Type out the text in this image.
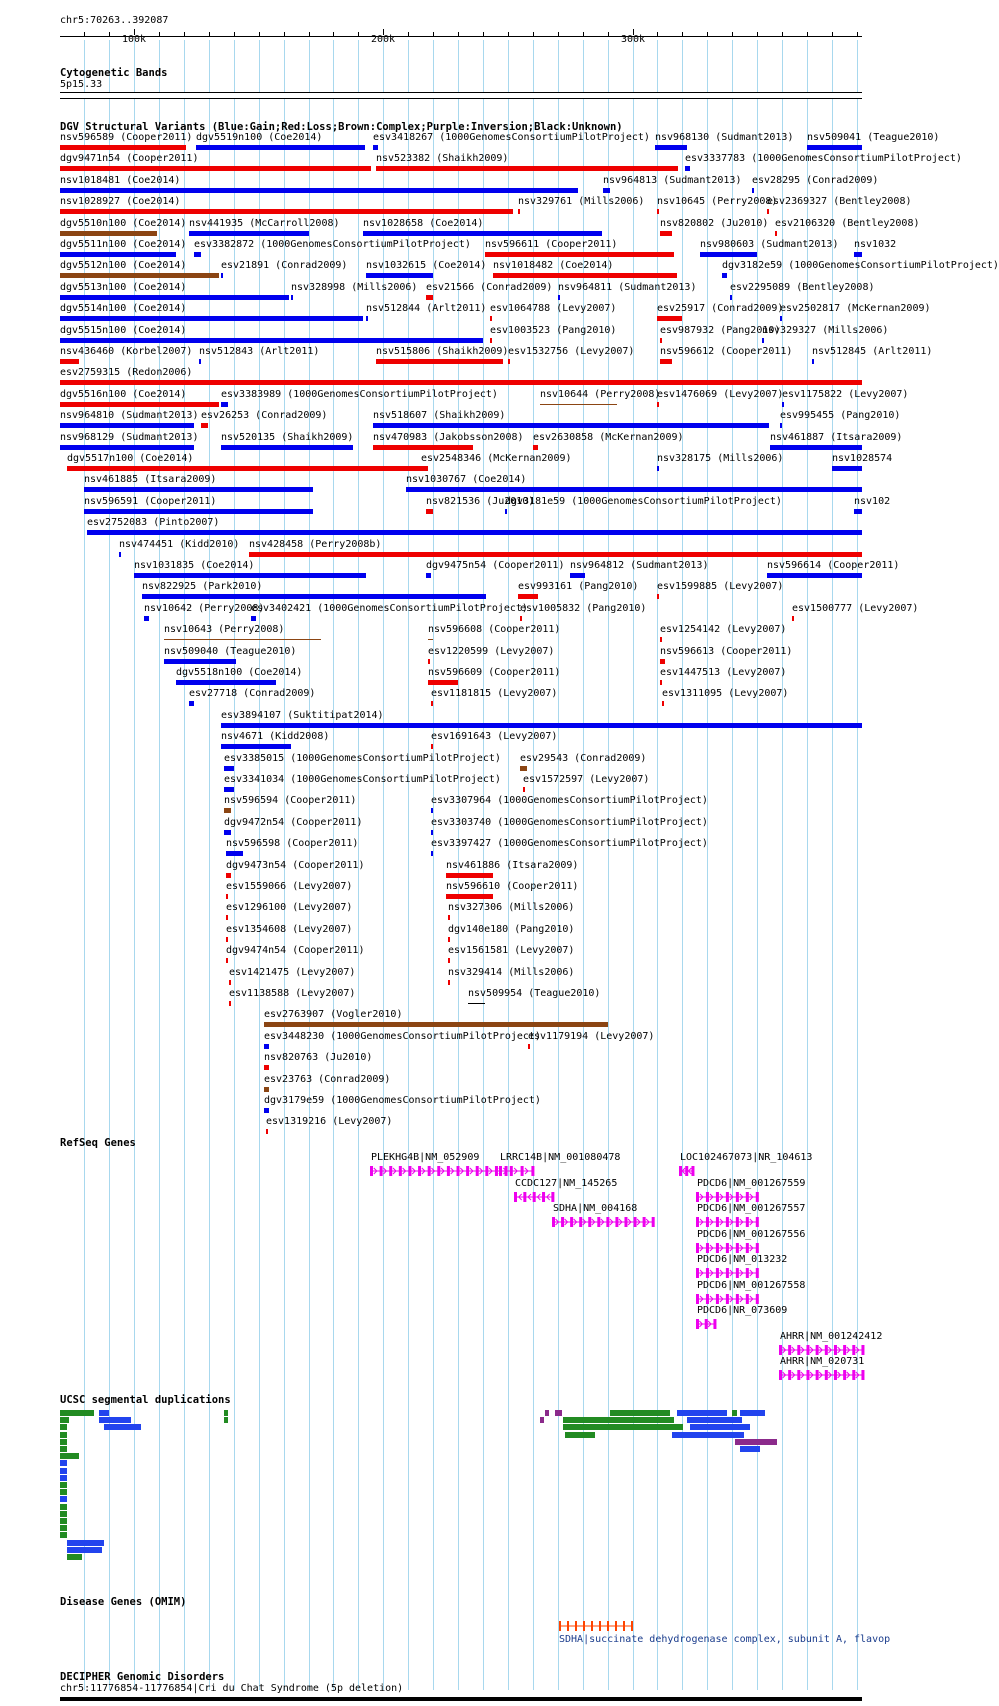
chr5:70263..392087
100k	200k	300k
Cytogenetic Bands
5p15.33
DGV Structural Variants (Blue:Gain;Red:Loss;Brown:Complex;Purple:Inversion;Black:Unknown)
nsv596589 (Cooper2011) dgv5519n100 (Coe2014)	esv3418267 (1000GenomesConsortiumPilotProject) nsv968130 (Sudmant2013) nsv509041 (Teague2010)
dgv9471n54 (Cooper2011)	nsv523382 (Shaikh2009)	esv3337783 (1000GenomesConsortiumPilotProject)
nsv1018481 (Coe2014)	nsv964813 (Sudmant2013) esv28295 (Conrad2009)
nsv1028927 (Coe2014)	nsv329761 (Mills2006) nsv10645 (Perry2008)
esv2369327 (Bentley2008)
dgv5510n100 (Coe2014) nsv441935 (McCarroll2008) nsv1028658 (Coe2014)	nsv820802 (Ju2010) esv2106320 (Bentley2008)
dgv5511n100 (Coe2014) esv3382872 (1000GenomesConsortiumPilotProject) nsv596611 (Cooper2011)	nsv980603 (Sudmant2013) nsv1032
dgv5512n100 (Coe2014)	esv21891 (Conrad2009) nsv1032615 (Coe2014) nsv1018482 (Coe2014)	dgv3182e59 (1000GenomesConsortiumPilotProject)
dgv5513n100 (Coe2014)	nsv328998 (Mills2006) esv21566 (Conrad2009) nsv964811 (Sudmant2013)	esv2295089 (Bentley2008)
dgv5514n100 (Coe2014)	nsv512844 (Arlt2011) esv1064788 (Levy2007)	esv25917 (Conrad2009)
esv2502817 (McKernan2009)
dgv5515n100 (Coe2014)	esv1003523 (Pang2010)	esv987932 (Pang2010)
nsv329327 (Mills2006)
nsv436460 (Korbel2007) nsv512843 (Arlt2011)	nsv515806 (Shaikh2009) esv1532756 (Levy2007)	nsv596612 (Cooper2011) nsv512845 (Arlt2011)
esv2759315 (Redon2006)
dgv5516n100 (Coe2014)	esv3383989 (1000GenomesConsortiumPilotProject)	nsv10644 (Perry2008)
esv1476069 (Levy2007)
esv1175822 (Levy2007)
nsv964810 (Sudmant2013) esv26253 (Conrad2009)	nsv518607 (Shaikh2009)	esv995455 (Pang2010)
nsv968129 (Sudmant2013) nsv520135 (Shaikh2009) nsv470983 (Jakobsson2008) esv2630858 (McKernan2009)	nsv461887 (Itsara2009)
dgv5517n100 (Coe2014)	esv2548346 (McKernan2009)	nsv328175 (Mills2006)	nsv1028574
nsv461885 (Itsara2009)	nsv1030767 (Coe2014)
nsv596591 (Cooper2011)	nsv821536 (Ju2010)
dgv3181e59 (1000GenomesConsortiumPilotProject)	nsv102
esv2752083 (Pinto2007)
nsv474451 (Kidd2010) nsv428458 (Perry2008b)
nsv1031835 (Coe2014)	dgv9475n54 (Cooper2011) nsv964812 (Sudmant2013)	nsv596614 (Cooper2011)
nsv822925 (Park2010)	esv993161 (Pang2010) esv1599885 (Levy2007)
nsv10642 (Perry2008)
esv3402421 (1000GenomesConsortiumPilotProject)
esv1005832 (Pang2010)	esv1500777 (Levy2007)
nsv10643 (Perry2008)	nsv596608 (Cooper2011)	esv1254142 (Levy2007)
nsv509040 (Teague2010)	esv1220599 (Levy2007)	nsv596613 (Cooper2011)
dgv5518n100 (Coe2014)	nsv596609 (Cooper2011)	esv1447513 (Levy2007)
esv27718 (Conrad2009)	esv1181815 (Levy2007)	esv1311095 (Levy2007)
esv3894107 (Suktitipat2014)
nsv4671 (Kidd2008)	esv1691643 (Levy2007)
esv3385015 (1000GenomesConsortiumPilotProject) esv29543 (Conrad2009)
esv3341034 (1000GenomesConsortiumPilotProject) esv1572597 (Levy2007)
nsv596594 (Cooper2011)	esv3307964 (1000GenomesConsortiumPilotProject)
dgv9472n54 (Cooper2011)	esv3303740 (1000GenomesConsortiumPilotProject)
nsv596598 (Cooper2011)	esv3397427 (1000GenomesConsortiumPilotProject)
dgv9473n54 (Cooper2011)	nsv461886 (Itsara2009)
esv1559066 (Levy2007)	nsv596610 (Cooper2011)
esv1296100 (Levy2007)	nsv327306 (Mills2006)
esv1354608 (Levy2007)	dgv140e180 (Pang2010)
dgv9474n54 (Cooper2011)	esv1561581 (Levy2007)
esv1421475 (Levy2007)	nsv329414 (Mills2006)
esv1138588 (Levy2007)	nsv509954 (Teague2010)
esv2763907 (Vogler2010)
esv3448230 (1000GenomesConsortiumPilotProject)
esv1179194 (Levy2007)
nsv820763 (Ju2010)
esv23763 (Conrad2009)
dgv3179e59 (1000GenomesConsortiumPilotProject)
esv1319216 (Levy2007)
RefSeq Genes
PLEKHG4B|NM_052909 LRRC14B|NM_001080478	LOC102467073|NR_104613
CCDC127|NM_145265	PDCD6|NM_001267559
SDHA|NM_004168	PDCD6|NM_001267557
PDCD6|NM_001267556
PDCD6|NM_013232
PDCD6|NM_001267558
PDCD6|NR_073609
AHRR|NM_001242412
AHRR|NM_020731
UCSC segmental duplications
Disease Genes (OMIM)
SDHA|succinate dehydrogenase complex, subunit A, flavop
DECIPHER Genomic Disorders
chr5:11776854-11776854|Cri du Chat Syndrome (5p deletion)
